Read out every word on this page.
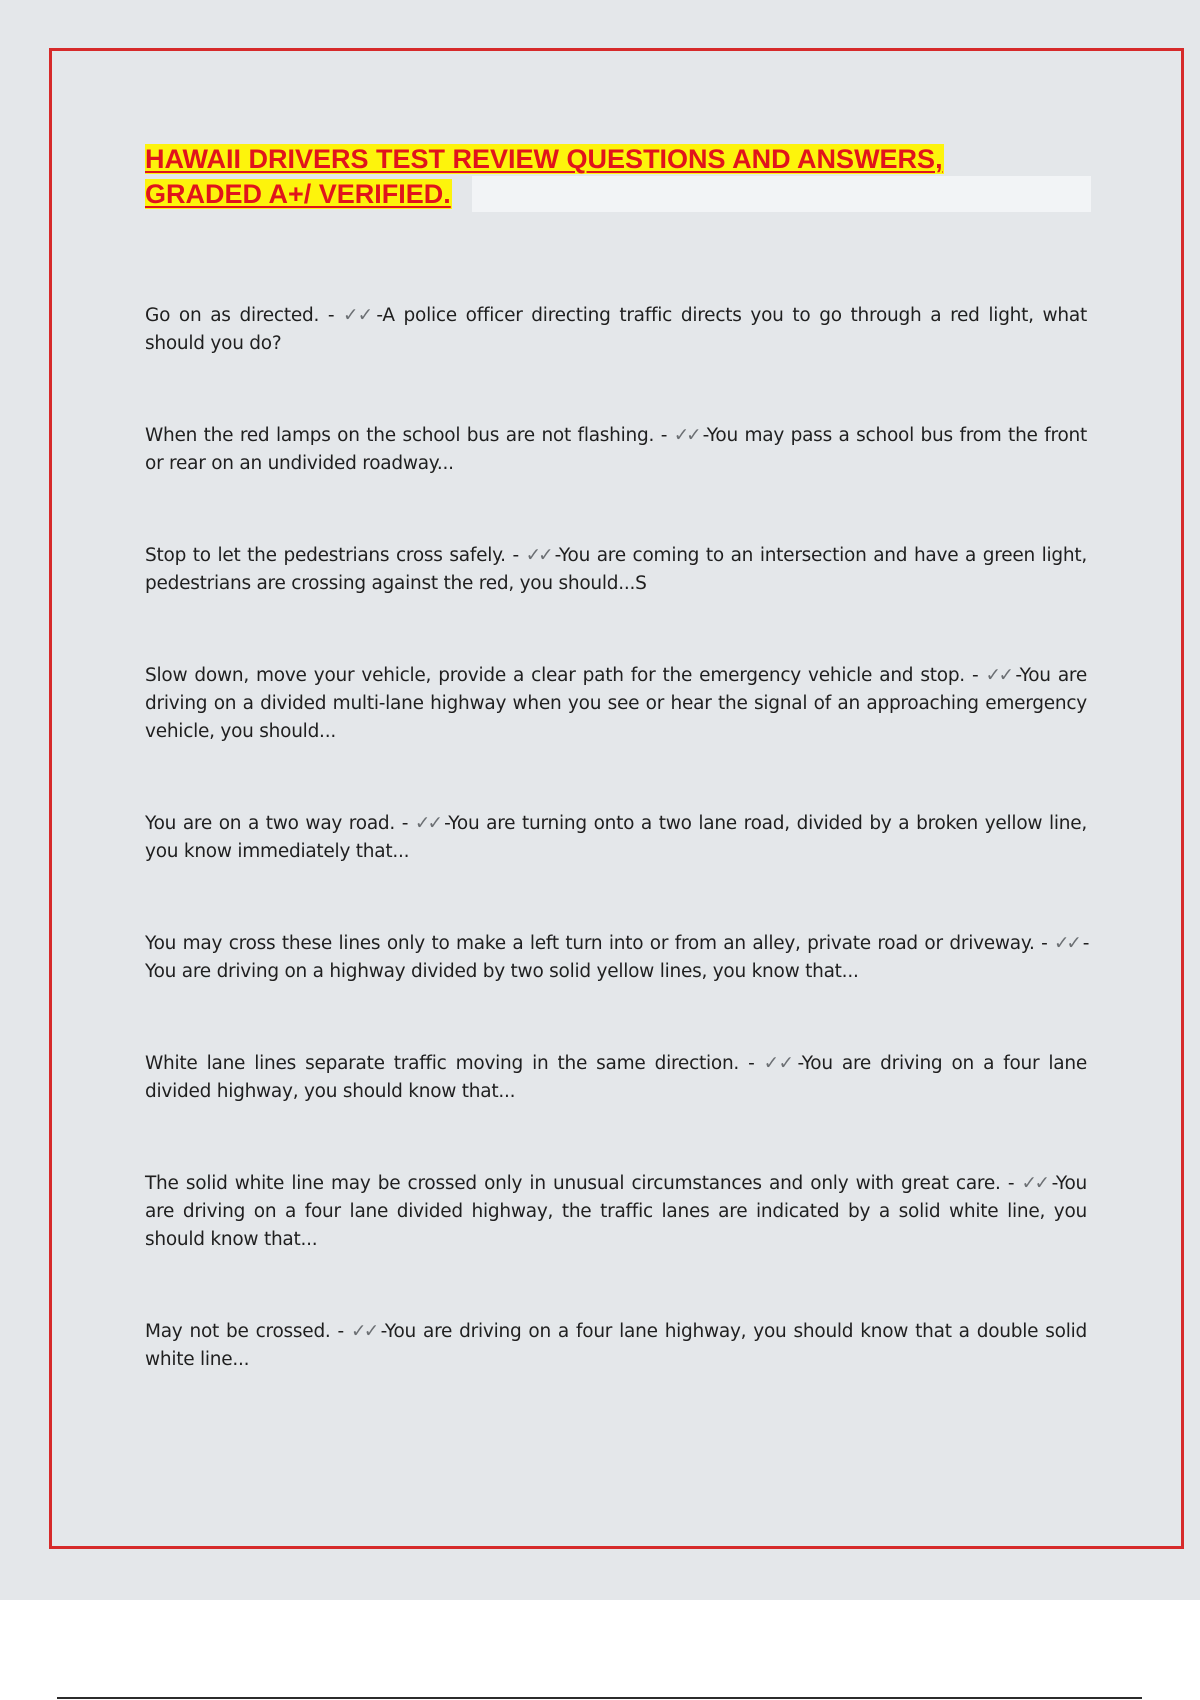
HAWAII DRIVERS TEST REVIEW QUESTIONS AND ANSWERS,
GRADED A+/ VERIFIED.
Go on as directed. - ✓✓ -A police officer directing traffic directs you to go through a red light, what should you do?
When the red lamps on the school bus are not flashing. - ✓✓ -You may pass a school bus from the front or rear on an undivided roadway...
Stop to let the pedestrians cross safely. - ✓✓ -You are coming to an intersection and have a green light, pedestrians are crossing against the red, you should...S
Slow down, move your vehicle, provide a clear path for the emergency vehicle and stop. - ✓✓ -You are driving on a divided multi-lane highway when you see or hear the signal of an approaching emergency vehicle, you should...
You are on a two way road. - ✓✓ -You are turning onto a two lane road, divided by a broken yellow line, you know immediately that...
You may cross these lines only to make a left turn into or from an alley, private road or driveway. - ✓✓ -You are driving on a highway divided by two solid yellow lines, you know that...
White lane lines separate traffic moving in the same direction. - ✓✓ -You are driving on a four lane divided highway, you should know that...
The solid white line may be crossed only in unusual circumstances and only with great care. - ✓✓ -You are driving on a four lane divided highway, the traffic lanes are indicated by a solid white line, you should know that...
May not be crossed. - ✓✓ -You are driving on a four lane highway, you should know that a double solid white line...
